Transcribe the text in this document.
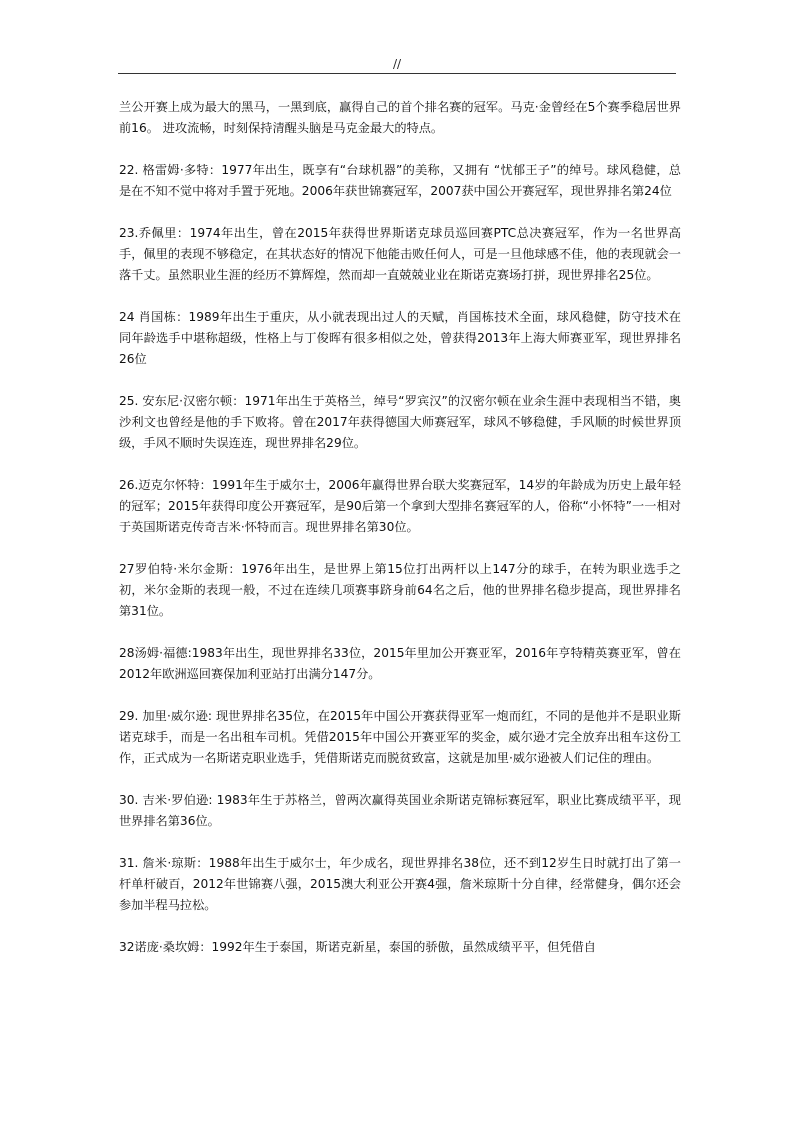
//

兰公开赛上成为最大的黑马，一黑到底，赢得自己的首个排名赛的冠军。马克·金曾经在5个赛季稳居世界前16。 进攻流畅，时刻保持清醒头脑是马克金最大的特点。

22. 格雷姆·多特：1977年出生，既享有“台球机器”的美称，又拥有 “忧郁王子”的绰号。球风稳健，总是在不知不觉中将对手置于死地。2006年获世锦赛冠军，2007获中国公开赛冠军，现世界排名第24位

23.乔佩里：1974年出生，曾在2015年获得世界斯诺克球员巡回赛PTC总决赛冠军，作为一名世界高手，佩里的表现不够稳定，在其状态好的情况下他能击败任何人，可是一旦他球感不佳，他的表现就会一落千丈。虽然职业生涯的经历不算辉煌，然而却一直兢兢业业在斯诺克赛场打拼，现世界排名25位。

24 肖国栋：1989年出生于重庆，从小就表现出过人的天赋，肖国栋技术全面，球风稳健，防守技术在同年龄选手中堪称超级，性格上与丁俊晖有很多相似之处，曾获得2013年上海大师赛亚军，现世界排名26位

25. 安东尼·汉密尔顿：1971年出生于英格兰，绰号“罗宾汉”的汉密尔顿在业余生涯中表现相当不错，奥沙利文也曾经是他的手下败将。曾在2017年获得德国大师赛冠军，球风不够稳健，手风顺的时候世界顶级，手风不顺时失误连连，现世界排名29位。

26.迈克尔怀特：1991年生于威尔士，2006年赢得世界台联大奖赛冠军，14岁的年龄成为历史上最年轻的冠军；2015年获得印度公开赛冠军，是90后第一个拿到大型排名赛冠军的人，俗称“小怀特”一一相对于英国斯诺克传奇吉米·怀特而言。现世界排名第30位。

27罗伯特·米尔金斯：1976年出生，是世界上第15位打出两杆以上147分的球手，在转为职业选手之初，米尔金斯的表现一般，不过在连续几项赛事跻身前64名之后，他的世界排名稳步提高，现世界排名第31位。

28汤姆·福德:1983年出生，现世界排名33位，2015年里加公开赛亚军，2016年亨特精英赛亚军，曾在2012年欧洲巡回赛保加利亚站打出满分147分。

29. 加里·威尔逊: 现世界排名35位，在2015年中国公开赛获得亚军一炮而红，不同的是他并不是职业斯诺克球手，而是一名出租车司机。凭借2015年中国公开赛亚军的奖金，威尔逊才完全放弃出租车这份工作，正式成为一名斯诺克职业选手，凭借斯诺克而脱贫致富，这就是加里·威尔逊被人们记住的理由。

30. 吉米·罗伯逊: 1983年生于苏格兰，曾两次赢得英国业余斯诺克锦标赛冠军，职业比赛成绩平平，现世界排名第36位。

31. 詹米·琼斯：1988年出生于威尔士，年少成名，现世界排名38位，还不到12岁生日时就打出了第一杆单杆破百，2012年世锦赛八强，2015澳大利亚公开赛4强，詹米琼斯十分自律，经常健身，偶尔还会参加半程马拉松。

32诺庞·桑坎姆：1992年生于泰国，斯诺克新星，泰国的骄傲，虽然成绩平平，但凭借自
